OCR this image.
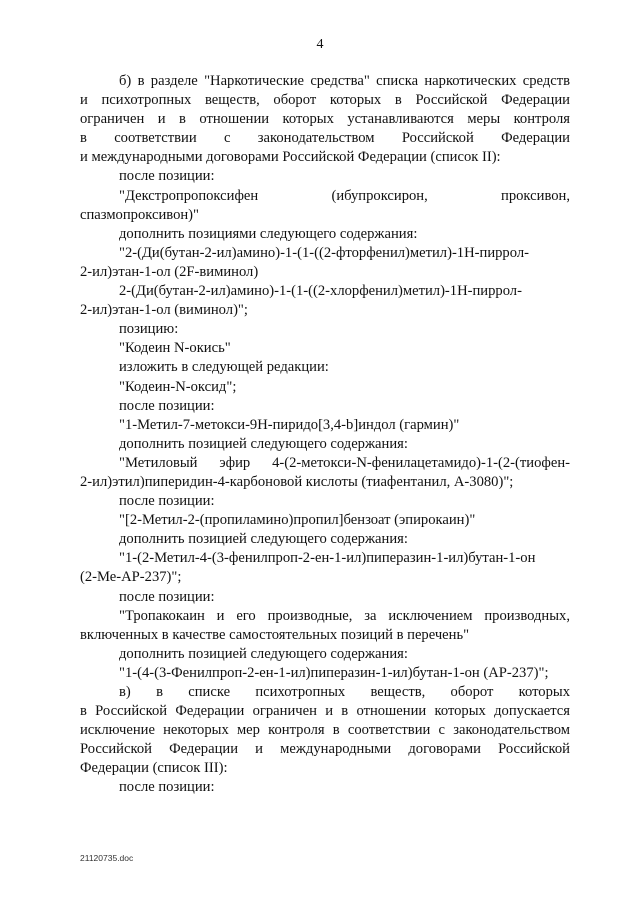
4
б) в разделе "Наркотические средства" списка наркотических средств
и психотропных веществ, оборот которых в Российской Федерации
ограничен и в отношении которых устанавливаются меры контроля
в соответствии с законодательством Российской Федерации
и международными договорами Российской Федерации (список II):
после позиции:
"Декстропропоксифен (ибупроксирон, проксивон,
спазмопроксивон)"
дополнить позициями следующего содержания:
"2-(Ди(бутан-2-ил)амино)-1-(1-((2-фторфенил)метил)-1Н-пиррол-
2-ил)этан-1-ол (2F-виминол)
2-(Ди(бутан-2-ил)амино)-1-(1-((2-хлорфенил)метил)-1Н-пиррол-
2-ил)этан-1-ол (виминол)";
позицию:
"Кодеин N-окись"
изложить в следующей редакции:
"Кодеин-N-оксид";
после позиции:
"1-Метил-7-метокси-9Н-пиридо[3,4-b]индол (гармин)"
дополнить позицией следующего содержания:
"Метиловый эфир 4-(2-метокси-N-фенилацетамидо)-1-(2-(тиофен-
2-ил)этил)пиперидин-4-карбоновой кислоты (тиафентанил, А-3080)";
после позиции:
"[2-Метил-2-(пропиламино)пропил]бензоат (эпирокаин)"
дополнить позицией следующего содержания:
"1-(2-Метил-4-(3-фенилпроп-2-ен-1-ил)пиперазин-1-ил)бутан-1-он
(2-Ме-АР-237)";
после позиции:
"Тропакокаин и его производные, за исключением производных,
включенных в качестве самостоятельных позиций в перечень"
дополнить позицией следующего содержания:
"1-(4-(3-Фенилпроп-2-ен-1-ил)пиперазин-1-ил)бутан-1-он (АР-237)";
в) в списке психотропных веществ, оборот которых
в Российской Федерации ограничен и в отношении которых допускается
исключение некоторых мер контроля в соответствии с законодательством
Российской Федерации и международными договорами Российской
Федерации (список III):
после позиции:
21120735.doc
